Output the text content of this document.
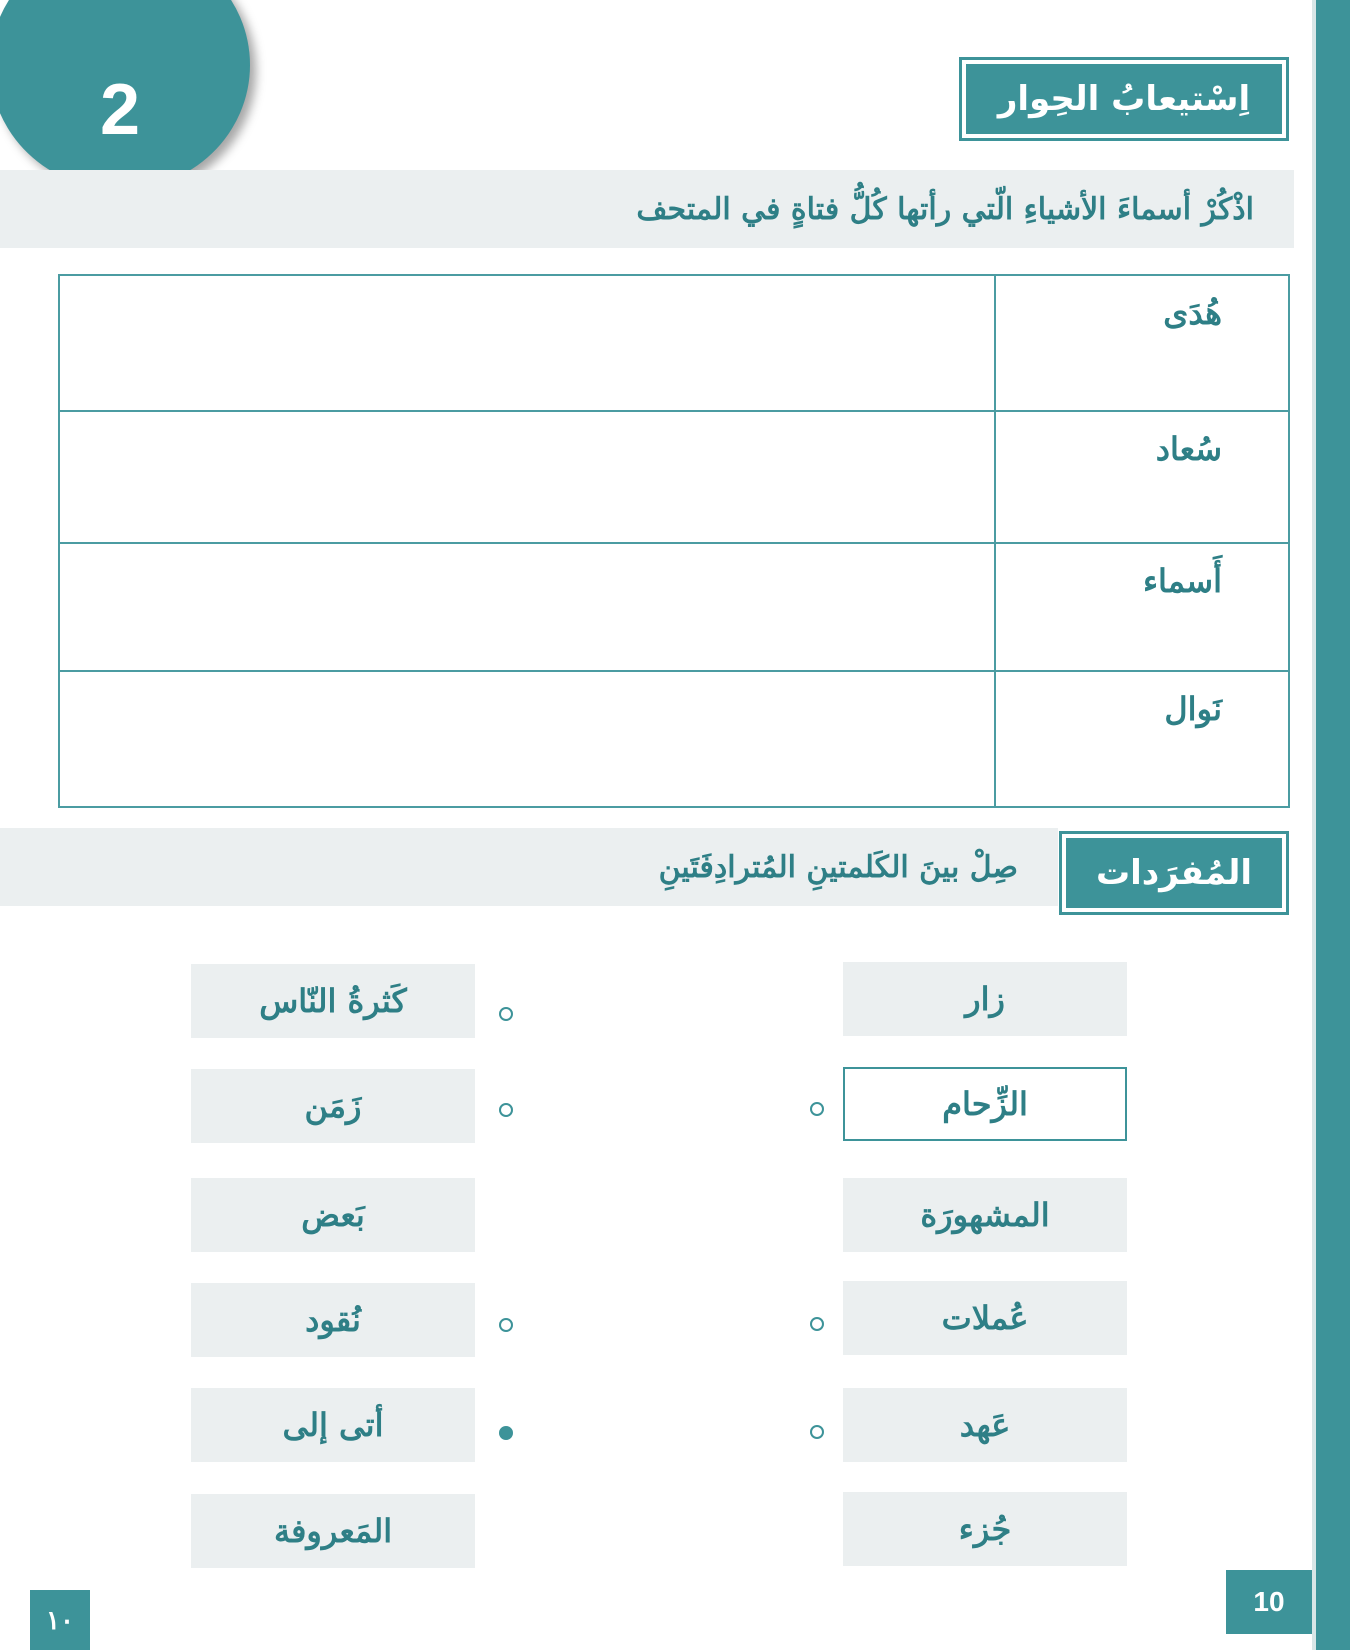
2	اِسْتيعابُ الحِوار
اذْكُرْ أسماءَ الأشياءِ الّتي رأتها كُلُّ فتاةٍ في المتحف
هُدَى
سُعاد
أَسماء
نَوال
صِلْ بينَ الكَلمتينِ المُترادِفَتَينِ	المُفرَدات
زار
الزِّحام
المشهورَة
عُملات
عَهد
جُزء
كَثرةُ النّاس
زَمَن
بَعض
نُقود
أتى إلى
المَعروفة
١٠
10
